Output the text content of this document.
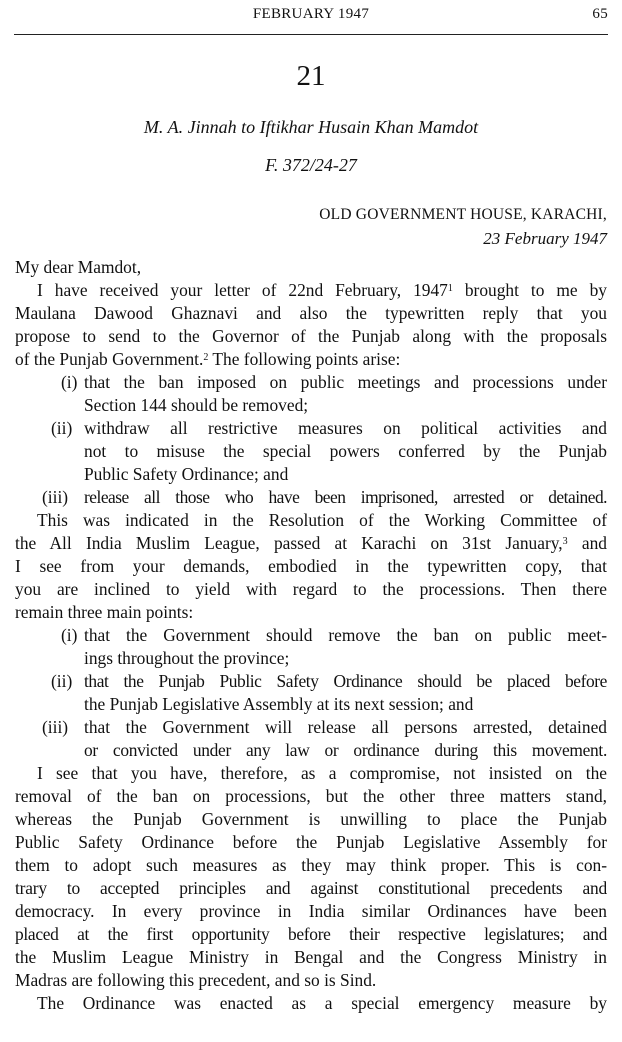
FEBRUARY 1947	65
21
M. A. Jinnah to Iftikhar Husain Khan Mamdot
F. 372/24-27
OLD GOVERNMENT HOUSE, KARACHI,
23 February 1947
My dear Mamdot,
I have received your letter of 22nd February, 1947$^1$ brought to me by
Maulana Dawood Ghaznavi and also the typewritten reply that you
propose to send to the Governor of the Punjab along with the proposals
of the Punjab Government.$^2$ The following points arise:
(i) that the ban imposed on public meetings and processions under
Section 144 should be removed;
(ii) withdraw all restrictive measures on political activities and
not to misuse the special powers conferred by the Punjab
Public Safety Ordinance; and
(iii) release all those who have been imprisoned, arrested or detained.
This was indicated in the Resolution of the Working Committee of
the All India Muslim League, passed at Karachi on 31st January,$^3$ and
I see from your demands, embodied in the typewritten copy, that
you are inclined to yield with regard to the processions. Then there
remain three main points:
(i) that the Government should remove the ban on public meet-
ings throughout the province;
(ii) that the Punjab Public Safety Ordinance should be placed before
the Punjab Legislative Assembly at its next session; and
(iii) that the Government will release all persons arrested, detained
or convicted under any law or ordinance during this movement.
I see that you have, therefore, as a compromise, not insisted on the
removal of the ban on processions, but the other three matters stand,
whereas the Punjab Government is unwilling to place the Punjab
Public Safety Ordinance before the Punjab Legislative Assembly for
them to adopt such measures as they may think proper. This is con-
trary to accepted principles and against constitutional precedents and
democracy. In every province in India similar Ordinances have been
placed at the first opportunity before their respective legislatures; and
the Muslim League Ministry in Bengal and the Congress Ministry in
Madras are following this precedent, and so is Sind.
The Ordinance was enacted as a special emergency measure by
